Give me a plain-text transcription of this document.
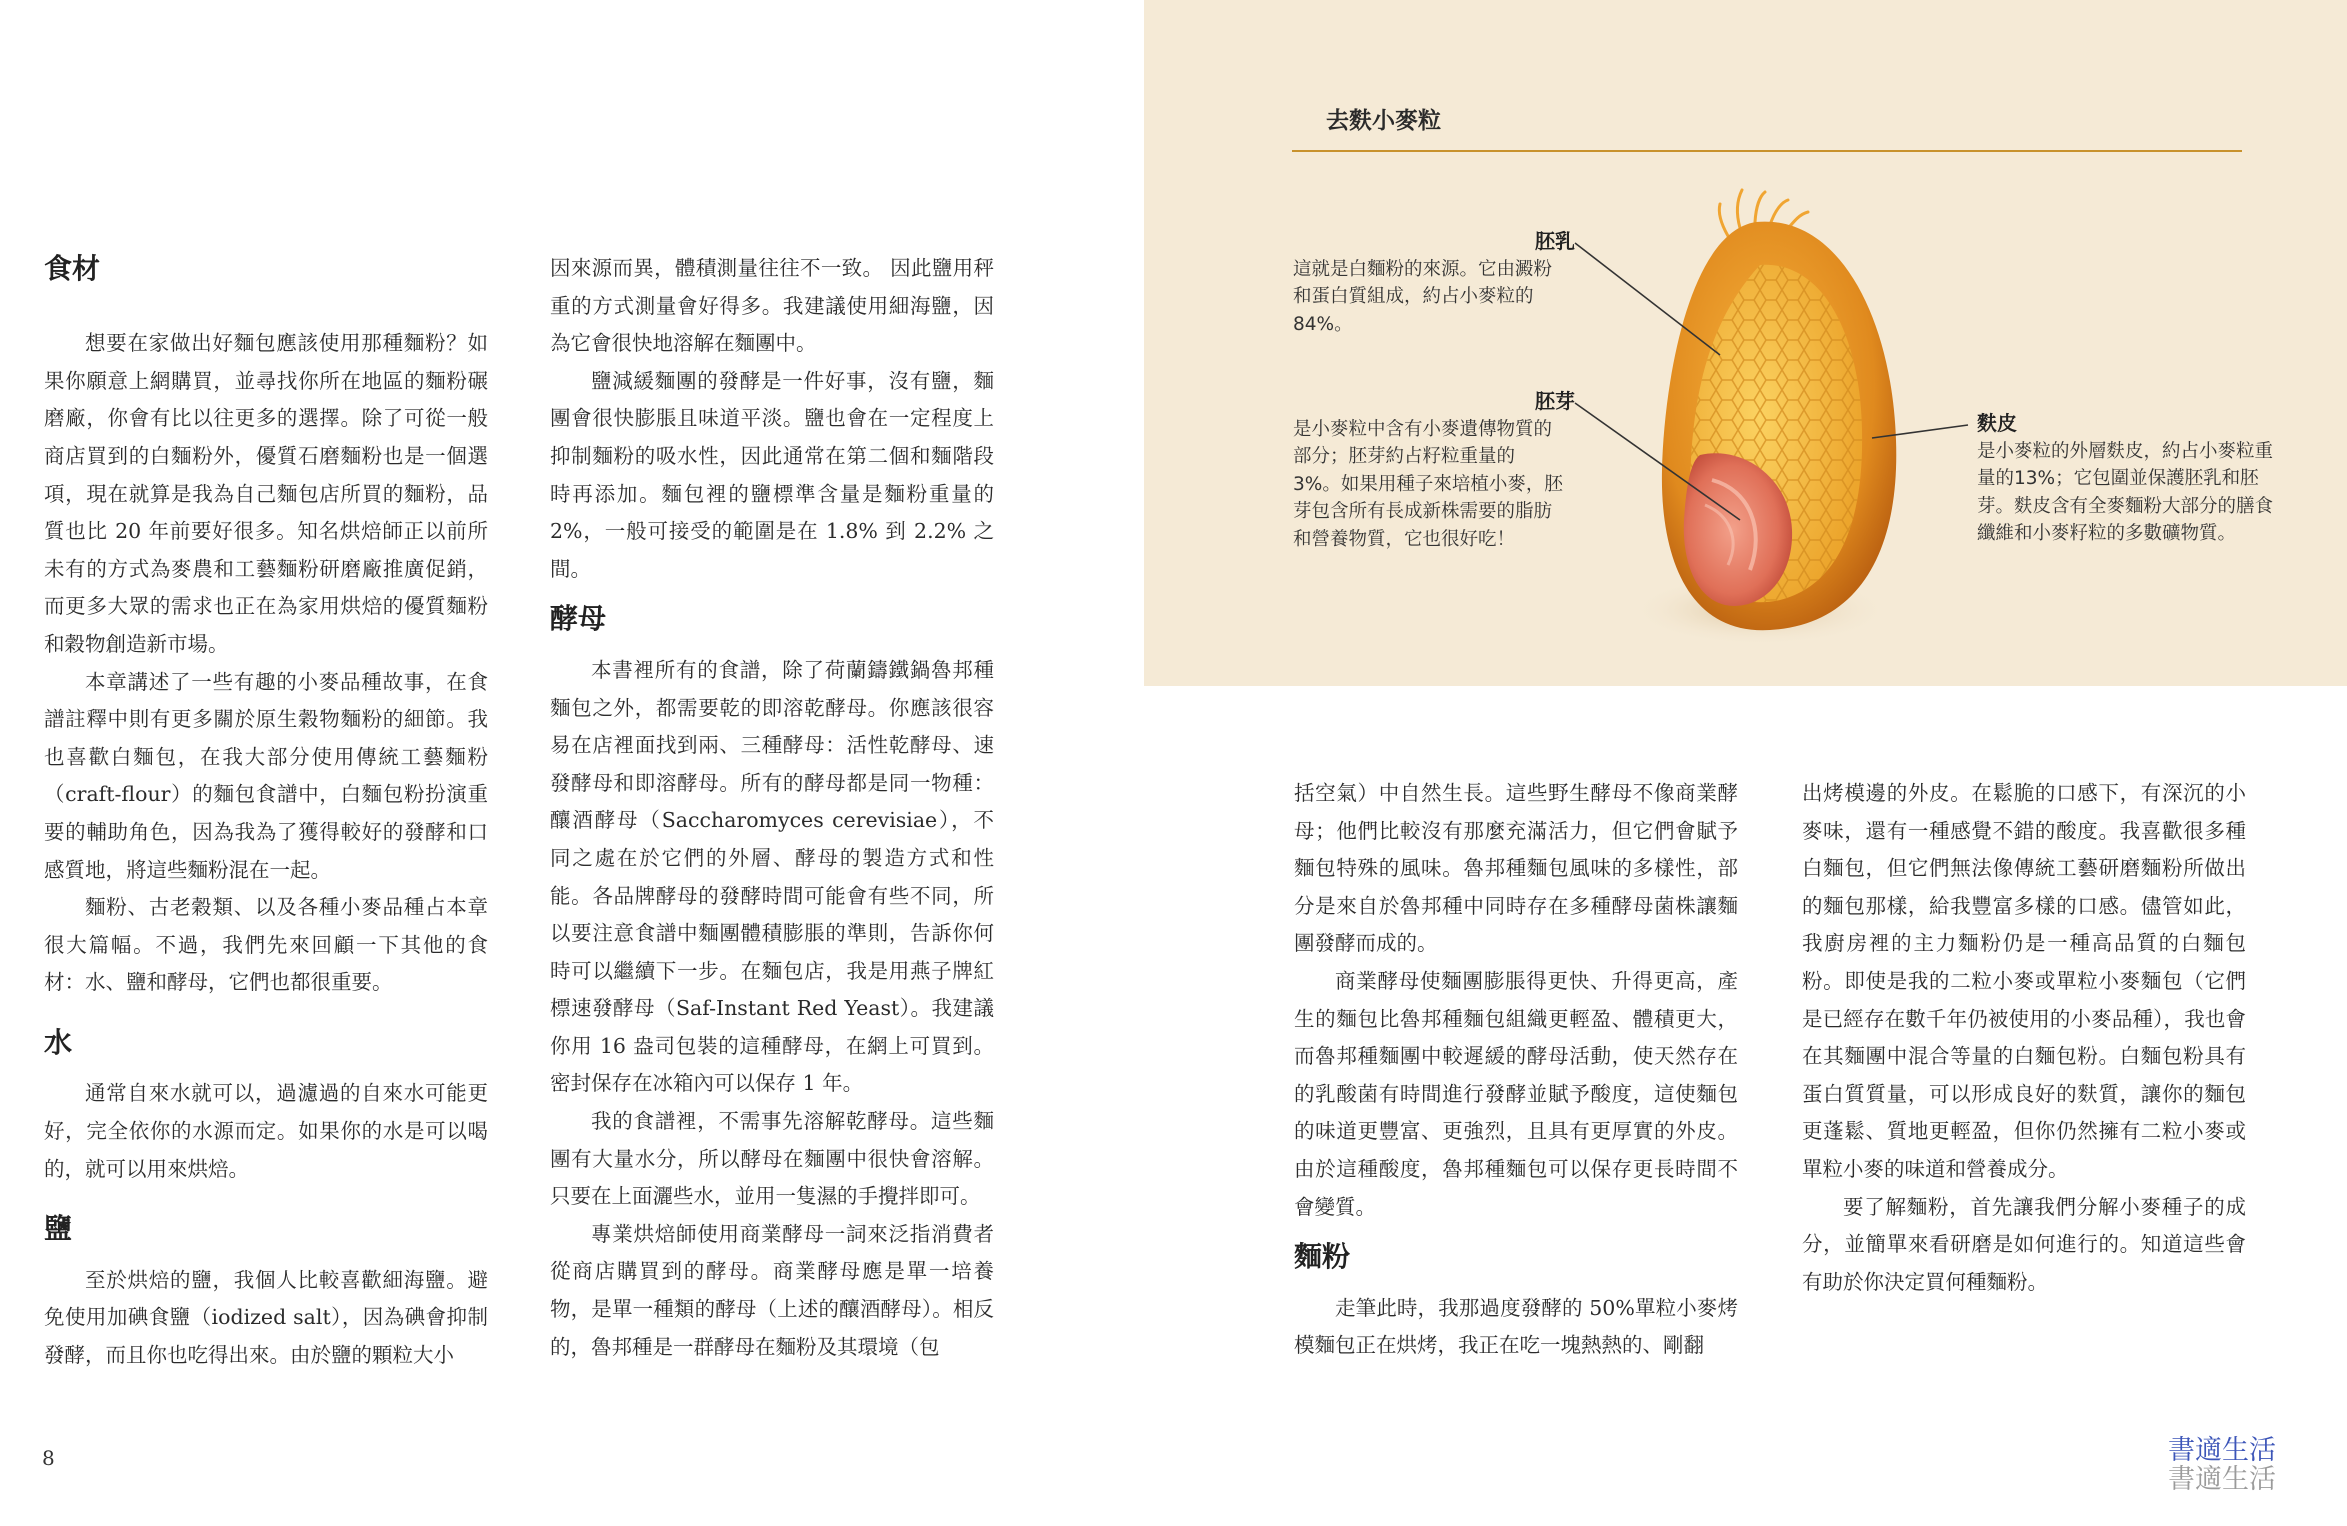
食材

想要在家做出好麵包應該使用那種麵粉？如果你願意上網購買，並尋找你所在地區的麵粉碾磨廠，你會有比以往更多的選擇。除了可從一般商店買到的白麵粉外，優質石磨麵粉也是一個選項，現在就算是我為自己麵包店所買的麵粉，品質也比 20 年前要好很多。知名烘焙師正以前所未有的方式為麥農和工藝麵粉研磨廠推廣促銷，而更多大眾的需求也正在為家用烘焙的優質麵粉和穀物創造新市場。

本章講述了一些有趣的小麥品種故事，在食譜註釋中則有更多關於原生穀物麵粉的細節。我也喜歡白麵包，在我大部分使用傳統工藝麵粉（craft-flour）的麵包食譜中，白麵包粉扮演重要的輔助角色，因為我為了獲得較好的發酵和口感質地，將這些麵粉混在一起。

麵粉、古老穀類、以及各種小麥品種占本章很大篇幅。不過，我們先來回顧一下其他的食材：水、鹽和酵母，它們也都很重要。

水

通常自來水就可以，過濾過的自來水可能更好，完全依你的水源而定。如果你的水是可以喝的，就可以用來烘焙。

鹽

至於烘焙的鹽，我個人比較喜歡細海鹽。避免使用加碘食鹽（iodized salt），因為碘會抑制發酵，而且你也吃得出來。由於鹽的顆粒大小

因來源而異，體積測量往往不一致。 因此鹽用秤重的方式測量會好得多。我建議使用細海鹽，因為它會很快地溶解在麵團中。

鹽減緩麵團的發酵是一件好事，沒有鹽，麵團會很快膨脹且味道平淡。鹽也會在一定程度上抑制麵粉的吸水性，因此通常在第二個和麵階段時再添加。麵包裡的鹽標準含量是麵粉重量的 2%，一般可接受的範圍是在 1.8% 到 2.2% 之間。

酵母

本書裡所有的食譜，除了荷蘭鑄鐵鍋魯邦種麵包之外，都需要乾的即溶乾酵母。你應該很容易在店裡面找到兩、三種酵母：活性乾酵母、速發酵母和即溶酵母。所有的酵母都是同一物種：釀酒酵母（Saccharomyces cerevisiae），不同之處在於它們的外層、酵母的製造方式和性能。各品牌酵母的發酵時間可能會有些不同，所以要注意食譜中麵團體積膨脹的準則，告訴你何時可以繼續下一步。在麵包店，我是用燕子牌紅標速發酵母（Saf-Instant Red Yeast）。我建議你用 16 盎司包裝的這種酵母，在網上可買到。密封保存在冰箱內可以保存 1 年。

我的食譜裡，不需事先溶解乾酵母。這些麵團有大量水分，所以酵母在麵團中很快會溶解。只要在上面灑些水，並用一隻濕的手攪拌即可。

專業烘焙師使用商業酵母一詞來泛指消費者從商店購買到的酵母。商業酵母應是單一培養物，是單一種類的酵母（上述的釀酒酵母）。相反的，魯邦種是一群酵母在麵粉及其環境（包

去麩小麥粒
胚乳
這就是白麵粉的來源。它由澱粉和蛋白質組成，約占小麥粒的 84%。
胚芽
是小麥粒中含有小麥遺傳物質的部分；胚芽約占籽粒重量的 3%。如果用種子來培植小麥，胚芽包含所有長成新株需要的脂肪和營養物質，它也很好吃！
麩皮
是小麥粒的外層麩皮，約占小麥粒重量的13%；它包圍並保護胚乳和胚芽。麩皮含有全麥麵粉大部分的膳食纖維和小麥籽粒的多數礦物質。

括空氣）中自然生長。這些野生酵母不像商業酵母；他們比較沒有那麼充滿活力，但它們會賦予麵包特殊的風味。魯邦種麵包風味的多樣性，部分是來自於魯邦種中同時存在多種酵母菌株讓麵團發酵而成的。

商業酵母使麵團膨脹得更快、升得更高，產生的麵包比魯邦種麵包組織更輕盈、體積更大，而魯邦種麵團中較遲緩的酵母活動，使天然存在的乳酸菌有時間進行發酵並賦予酸度，這使麵包的味道更豐富、更強烈，且具有更厚實的外皮。由於這種酸度，魯邦種麵包可以保存更長時間不會變質。

麵粉

走筆此時，我那過度發酵的 50%單粒小麥烤模麵包正在烘烤，我正在吃一塊熱熱的、剛翻

出烤模邊的外皮。在鬆脆的口感下，有深沉的小麥味，還有一種感覺不錯的酸度。我喜歡很多種白麵包，但它們無法像傳統工藝研磨麵粉所做出的麵包那樣，給我豐富多樣的口感。儘管如此，我廚房裡的主力麵粉仍是一種高品質的白麵包粉。即使是我的二粒小麥或單粒小麥麵包（它們是已經存在數千年仍被使用的小麥品種），我也會在其麵團中混合等量的白麵包粉。白麵包粉具有蛋白質質量，可以形成良好的麩質，讓你的麵包更蓬鬆、質地更輕盈，但你仍然擁有二粒小麥或單粒小麥的味道和營養成分。

要了解麵粉，首先讓我們分解小麥種子的成分，並簡單來看研磨是如何進行的。知道這些會有助於你決定買何種麵粉。

8	書適生活
書適生活
